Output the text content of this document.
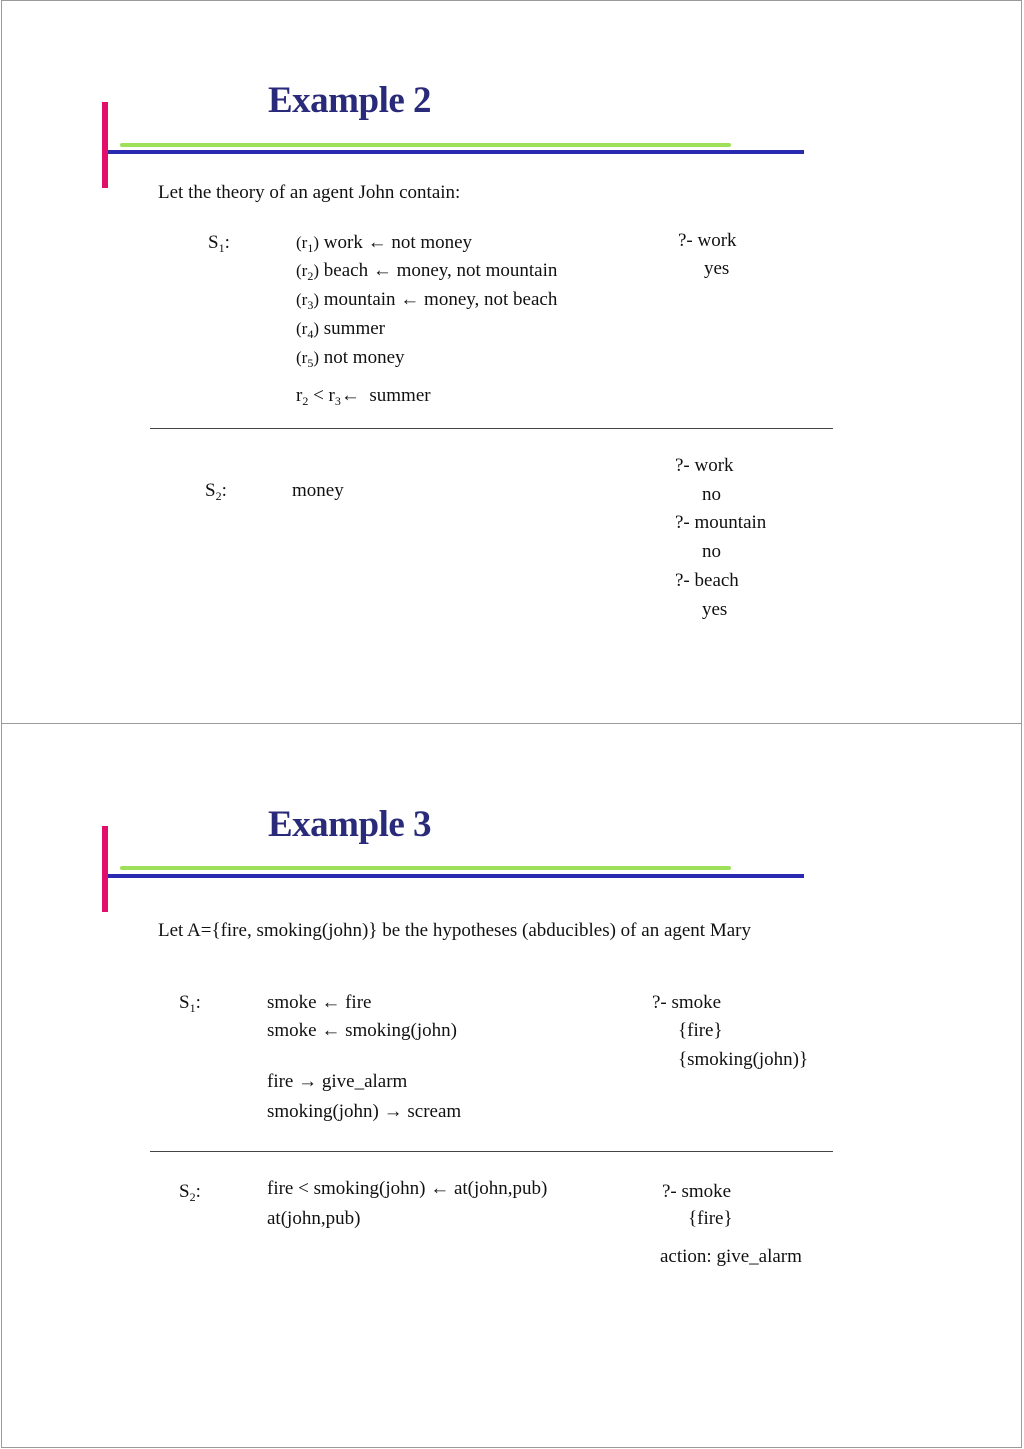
Example 2
Let the theory of an agent John contain:
$S_1$:	$(r_1)$ work ← not money
$(r_2)$ beach ← money, not mountain
$(r_3)$ mountain ← money, not beach
$(r_4)$ summer
$(r_5)$ not money
$r_2$ < $r_3\leftarrow$ summer
?- work
yes
$S_2$:	money
?- work
no
?- mountain
no
?- beach
yes
Example 3
Let A={fire, smoking(john)} be the hypotheses (abducibles) of an agent Mary
$S_1$:	smoke ← fire
smoke ← smoking(john)
fire → give_alarm
smoking(john) → scream
?- smoke
{fire}
{smoking(john)}
$S_2$:	fire < smoking(john) ← at(john,pub)
at(john,pub)
?- smoke
{fire}
action: give_alarm
